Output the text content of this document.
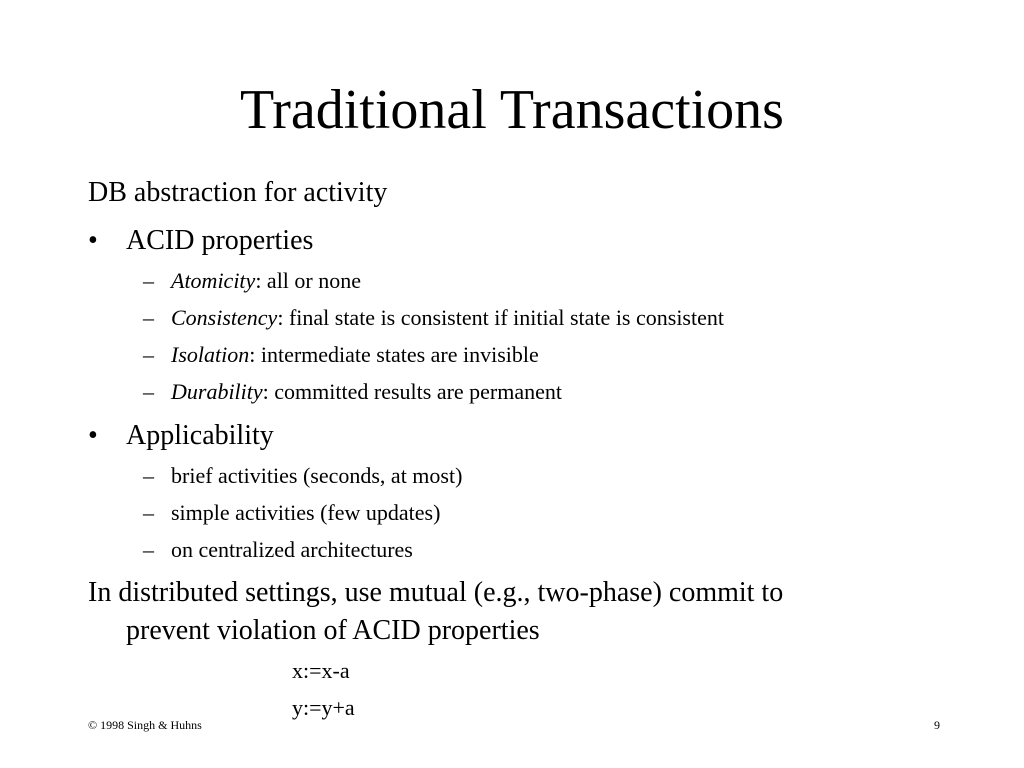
Traditional Transactions
DB abstraction for activity
• ACID properties
– Atomicity: all or none
– Consistency: final state is consistent if initial state is consistent
– Isolation: intermediate states are invisible
– Durability: committed results are permanent
• Applicability
– brief activities (seconds, at most)
– simple activities (few updates)
– on centralized architectures
In distributed settings, use mutual (e.g., two-phase) commit to
prevent violation of ACID properties
x:=x-a
y:=y+a
© 1998 Singh & Huhns	9
